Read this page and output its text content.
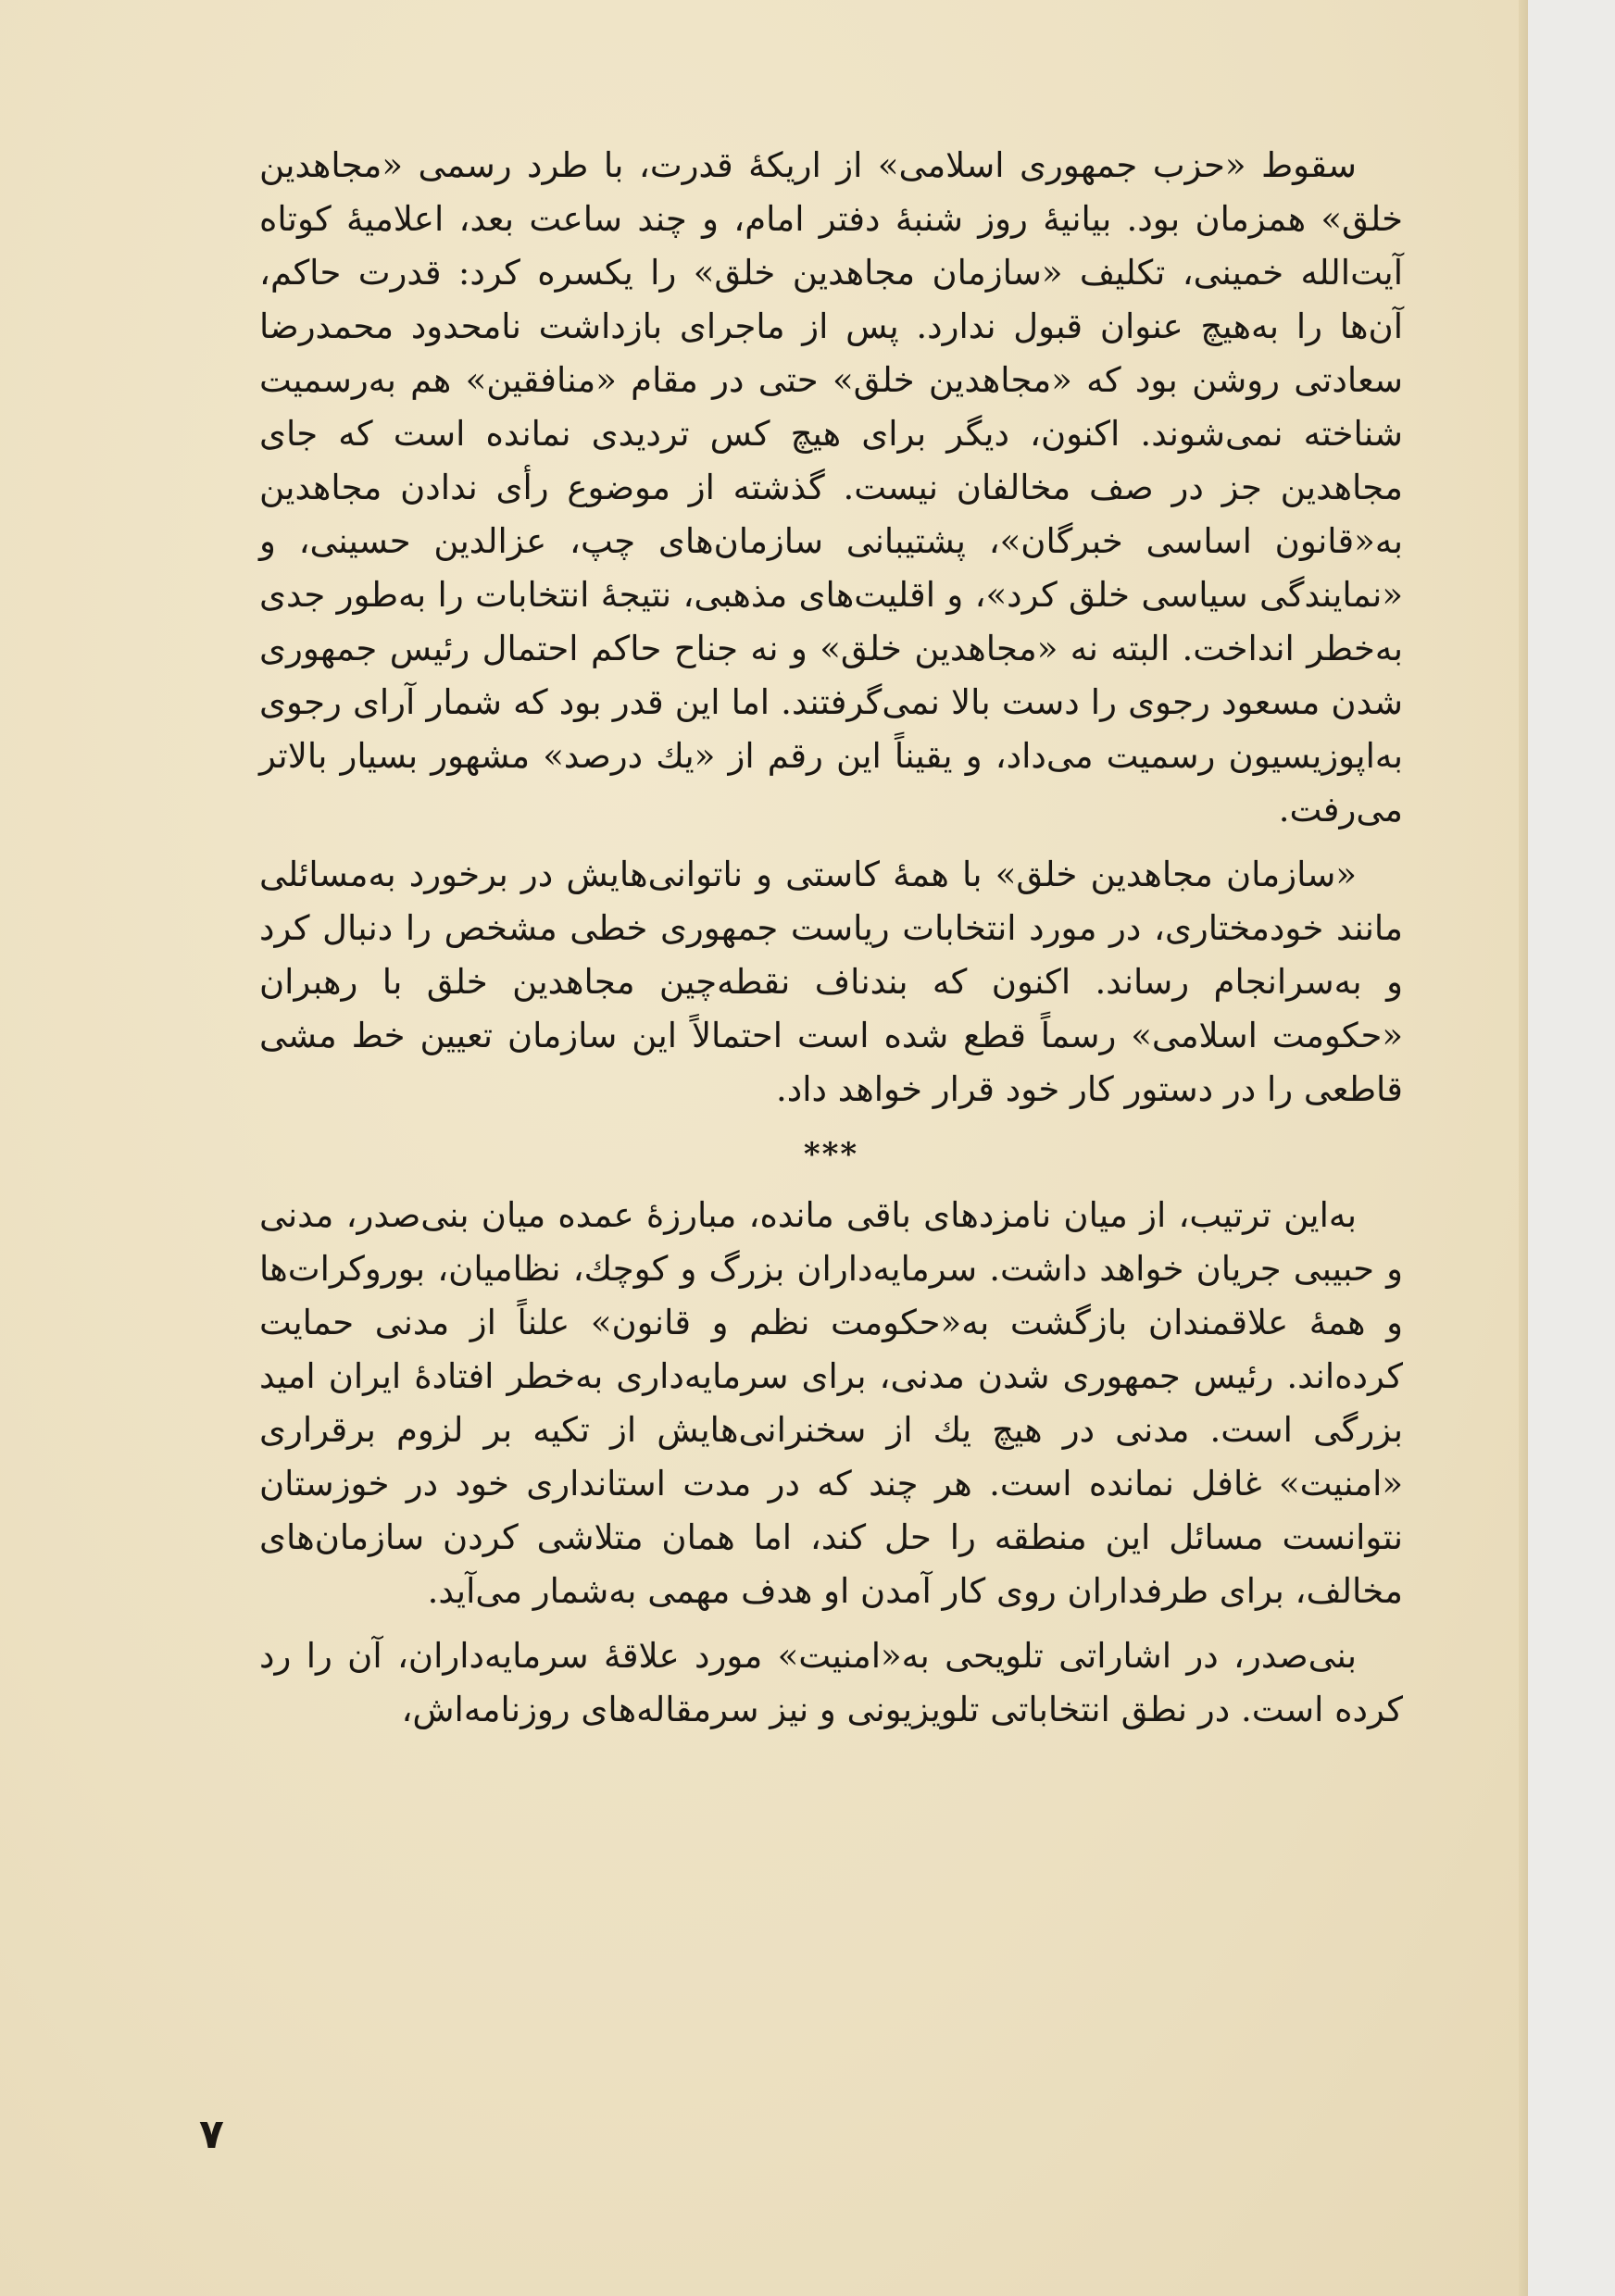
سقوط «حزب جمهوری اسلامی» از اریکهٔ قدرت، با طرد رسمی «مجاهدین خلق» همزمان بود. بیانیهٔ روز شنبهٔ دفتر امام، و چند ساعت بعد، اعلامیهٔ کوتاه آیت‌الله خمینی، تکلیف «سازمان مجاهدین خلق» را یکسره کرد: قدرت حاکم، آن‌ها را به‌هیچ عنوان قبول ندارد. پس از ماجرای بازداشت نامحدود محمدرضا سعادتی روشن بود که «مجاهدین خلق» حتی در مقام «منافقین» هم به‌رسمیت شناخته نمی‌شوند. اکنون، دیگر برای هیچ کس تردیدی نمانده است که جای مجاهدین جز در صف مخالفان نیست. گذشته از موضوع رأی ندادن مجاهدین به«قانون اساسی خبرگان»، پشتیبانی سازمان‌های چپ، عزالدین حسینی، و «نمایندگی سیاسی خلق کرد»، و اقلیت‌های مذهبی، نتیجهٔ انتخابات را به‌طور جدی به‌خطر انداخت. البته نه «مجاهدین خلق» و نه جناح حاکم احتمال رئیس جمهوری شدن مسعود رجوی را دست بالا نمی‌گرفتند. اما این قدر بود که شمار آرای رجوی به‌اپوزیسیون رسمیت می‌داد، و یقیناً این رقم از «یك درصد» مشهور بسیار بالاتر می‌رفت.

«سازمان مجاهدین خلق» با همهٔ کاستی و ناتوانی‌هایش در برخورد به‌مسائلی مانند خودمختاری، در مورد انتخابات ریاست جمهوری خطی مشخص را دنبال کرد و به‌سرانجام رساند. اکنون که بندناف نقطه‌چین مجاهدین خلق با رهبران «حکومت اسلامی» رسماً قطع شده است احتمالاً این سازمان تعیین خط مشی قاطعی را در دستور کار خود قرار خواهد داد.

***

به‌این ترتیب، از میان نامزدهای باقی مانده، مبارزهٔ عمده میان بنی‌صدر، مدنی و حبیبی جریان خواهد داشت. سرمایه‌داران بزرگ و کوچك، نظامیان، بوروکرات‌ها و همهٔ علاقمندان بازگشت به«حکومت نظم و قانون» علناً از مدنی حمایت کرده‌اند. رئیس جمهوری شدن مدنی، برای سرمایه‌داری به‌خطر افتادهٔ ایران امید بزرگی است. مدنی در هیچ یك از سخنرانی‌هایش از تکیه بر لزوم برقراری «امنیت» غافل نمانده است. هر چند که در مدت استانداری خود در خوزستان نتوانست مسائل این منطقه را حل کند، اما همان متلاشی کردن سازمان‌های مخالف، برای طرفداران روی کار آمدن او هدف مهمی به‌شمار می‌آید.

بنی‌صدر، در اشاراتی تلویحی به«امنیت» مورد علاقهٔ سرمایه‌داران، آن را رد کرده است. در نطق انتخاباتی تلویزیونی و نیز سرمقاله‌های روزنامه‌اش،

۷
